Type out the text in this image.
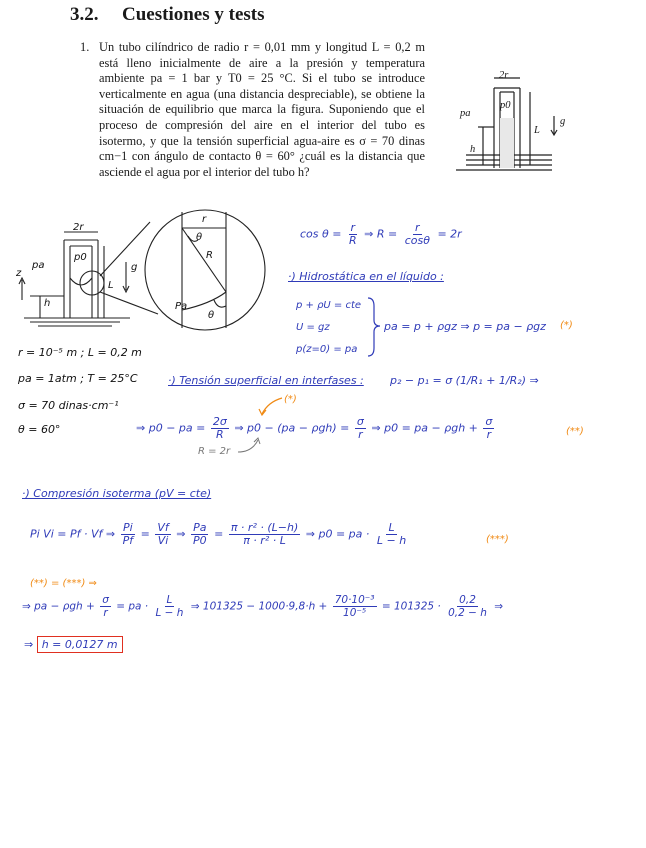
3.2. Cuestiones y tests
1. Un tubo cilíndrico de radio r = 0,01 mm y longitud L = 0,2 m está lleno inicialmente de aire a la presión y temperatura ambiente pa = 1 bar y T0 = 25 °C. Si el tubo se introduce verticalmente en agua (una distancia despreciable), se obtiene la situación de equilibrio que marca la figura. Suponiendo que el proceso de compresión del aire en el interior del tubo es isotermo, y que la tensión superficial agua-aire es σ = 70 dinas cm−1 con ángulo de contacto θ = 60° ¿cuál es la distancia que asciende el agua por el interior del tubo h?
2r
p0
pa
L
g
h
2r
p0
pa
L
g
h
z
r
θ
R
Pa
θ
r = 10⁻⁵ m ; L = 0,2 m
pa = 1atm ; T = 25°C
σ = 70 dinas·cm⁻¹
θ = 60°
$\cos \theta = \frac{r}{R}$ ⇒ $R = \frac{r}{\cos\theta} = 2r$
·) Hidrostática en el líquido :
p + ρU = cte
U = gz
p(z=0) = pa
pa = p + ρgz ⇒ p = pa − ρgz (*)
·) Tensión superficial en interfases : p₂ − p₁ = σ (1/R₁ + 1/R₂) ⇒
(*)
⇒ p0 − pa = $\frac{2\sigma}{R}$ ⇒ $p0 - (pa - \rho gh) = \frac{\sigma}{r}$ ⇒ p0 = pa − $\rho gh + \frac{\sigma}{r}$	(**)
R = 2r
·) Compresión isoterma (pV = cte)
Pi Vi = Pf · Vf ⇒ $\frac{Pi}{Pf} = \frac{Vf}{Vi}$ ⇒ $\frac{Pa}{P0} = \frac{\text{π · r² · (L−h)}}{\text{π · r² · L}}$ ⇒ p0 = pa · $\frac{L}{L - h}$	(***)
(**) = (***) ⇒
⇒ pa − $\rho gh + \frac{\sigma}{r}$ = pa · $\frac{L}{L - h}$ ⇒ $101325 - 1000\cdot 9,8\cdot h + \frac{\text{70·10⁻³}}{\text{10⁻⁵}} = 101325 \cdot \frac{0,2}{0,2 - h}$ ⇒
⇒ h = 0,0127 m
